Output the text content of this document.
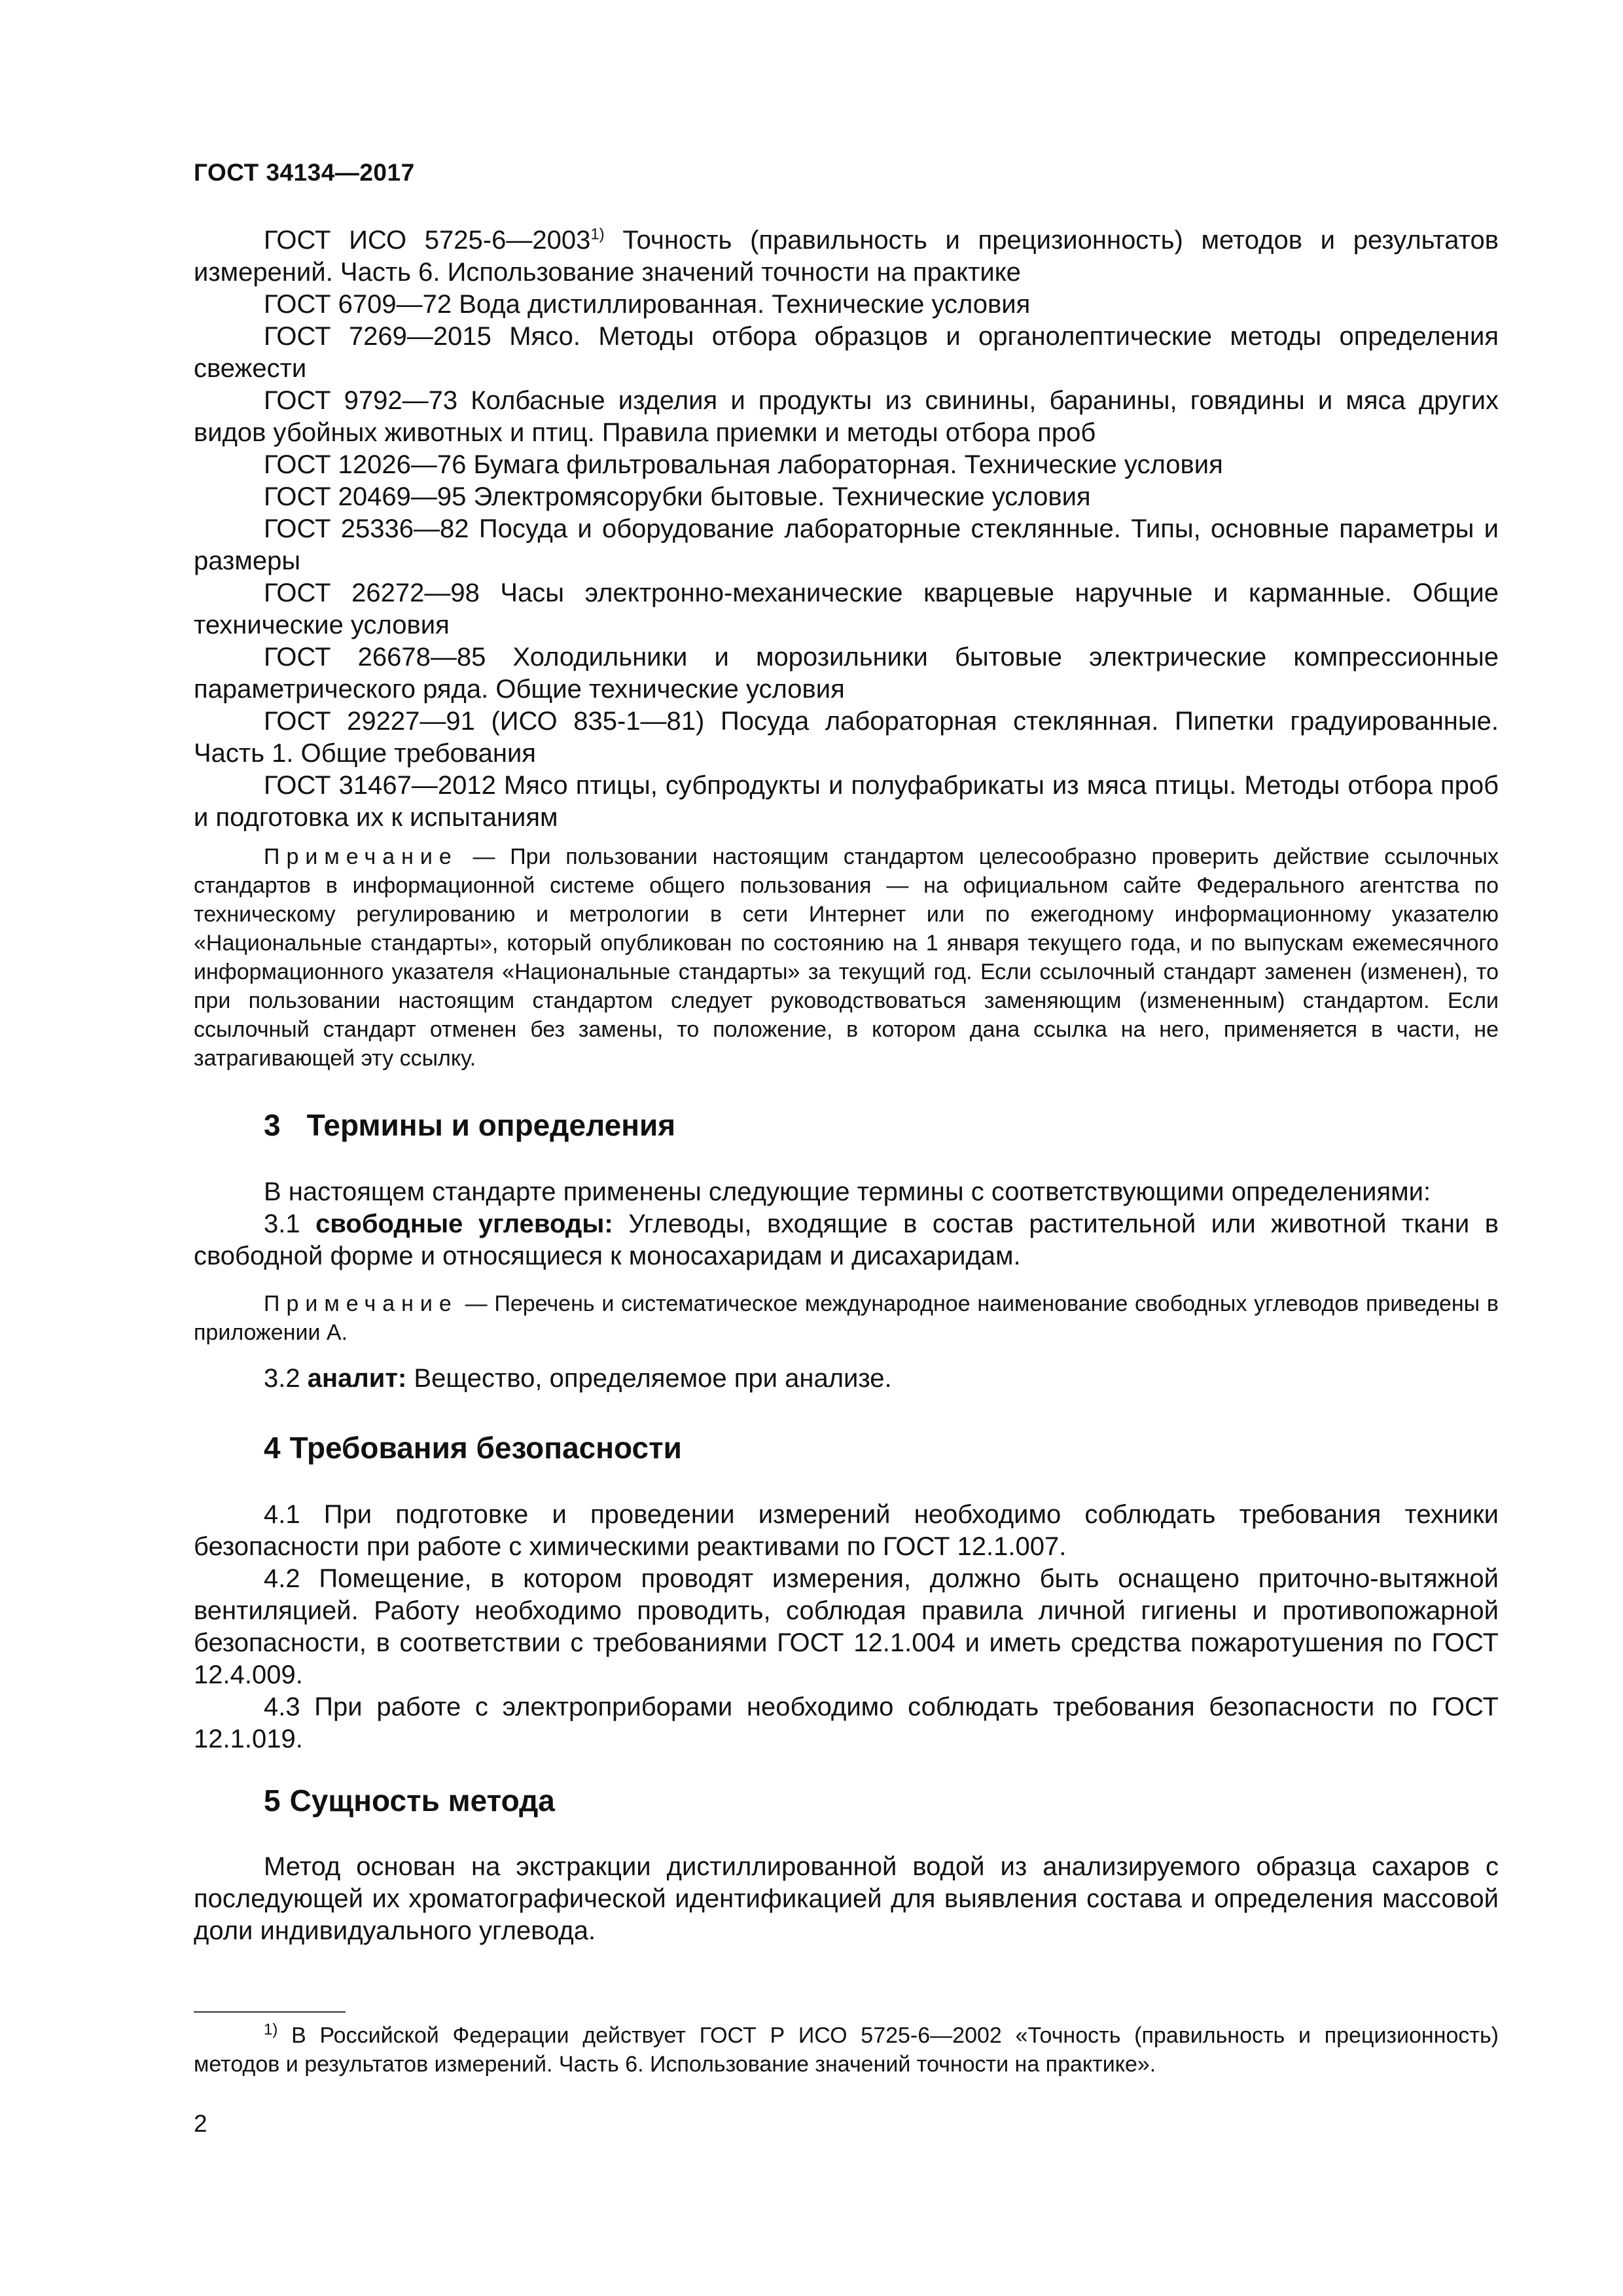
ГОСТ 34134—2017

ГОСТ ИСО 5725-6—2003$^{1)}$ Точность (правильность и прецизионность) методов и результатов измерений. Часть 6. Использование значений точности на практике

ГОСТ 6709—72 Вода дистиллированная. Технические условия

ГОСТ 7269—2015 Мясо. Методы отбора образцов и органолептические методы определения свежести

ГОСТ 9792—73 Колбасные изделия и продукты из свинины, баранины, говядины и мяса других видов убойных животных и птиц. Правила приемки и методы отбора проб

ГОСТ 12026—76 Бумага фильтровальная лабораторная. Технические условия

ГОСТ 20469—95 Электромясорубки бытовые. Технические условия

ГОСТ 25336—82 Посуда и оборудование лабораторные стеклянные. Типы, основные параметры и размеры

ГОСТ 26272—98 Часы электронно-механические кварцевые наручные и карманные. Общие технические условия

ГОСТ 26678—85 Холодильники и морозильники бытовые электрические компрессионные параметрического ряда. Общие технические условия

ГОСТ 29227—91 (ИСО 835-1—81) Посуда лабораторная стеклянная. Пипетки градуированные. Часть 1. Общие требования

ГОСТ 31467—2012 Мясо птицы, субпродукты и полуфабрикаты из мяса птицы. Методы отбора проб и подготовка их к испытаниям

Примечание — При пользовании настоящим стандартом целесообразно проверить действие ссылочных стандартов в информационной системе общего пользования — на официальном сайте Федерального агентства по техническому регулированию и метрологии в сети Интернет или по ежегодному информационному указателю «Национальные стандарты», который опубликован по состоянию на 1 января текущего года, и по выпускам ежемесячного информационного указателя «Национальные стандарты» за текущий год. Если ссылочный стандарт заменен (изменен), то при пользовании настоящим стандартом следует руководствоваться заменяющим (измененным) стандартом. Если ссылочный стандарт отменен без замены, то положение, в котором дана ссылка на него, применяется в части, не затрагивающей эту ссылку.

3 Термины и определения

В настоящем стандарте применены следующие термины с соответствующими определениями:

3.1 свободные углеводы: Углеводы, входящие в состав растительной или животной ткани в свободной форме и относящиеся к моносахаридам и дисахаридам.

Примечание — Перечень и систематическое международное наименование свободных углеводов приведены в приложении А.

3.2 аналит: Вещество, определяемое при анализе.

4 Требования безопасности

4.1 При подготовке и проведении измерений необходимо соблюдать требования техники безопасности при работе с химическими реактивами по ГОСТ 12.1.007.

4.2 Помещение, в котором проводят измерения, должно быть оснащено приточно-вытяжной вентиляцией. Работу необходимо проводить, соблюдая правила личной гигиены и противопожарной безопасности, в соответствии с требованиями ГОСТ 12.1.004 и иметь средства пожаротушения по ГОСТ 12.4.009.

4.3 При работе с электроприборами необходимо соблюдать требования безопасности по ГОСТ 12.1.019.

5 Сущность метода

Метод основан на экстракции дистиллированной водой из анализируемого образца сахаров с последующей их хроматографической идентификацией для выявления состава и определения массовой доли индивидуального углевода.

$^{1)}$ В Российской Федерации действует ГОСТ Р ИСО 5725-6—2002 «Точность (правильность и прецизионность) методов и результатов измерений. Часть 6. Использование значений точности на практике».

2
